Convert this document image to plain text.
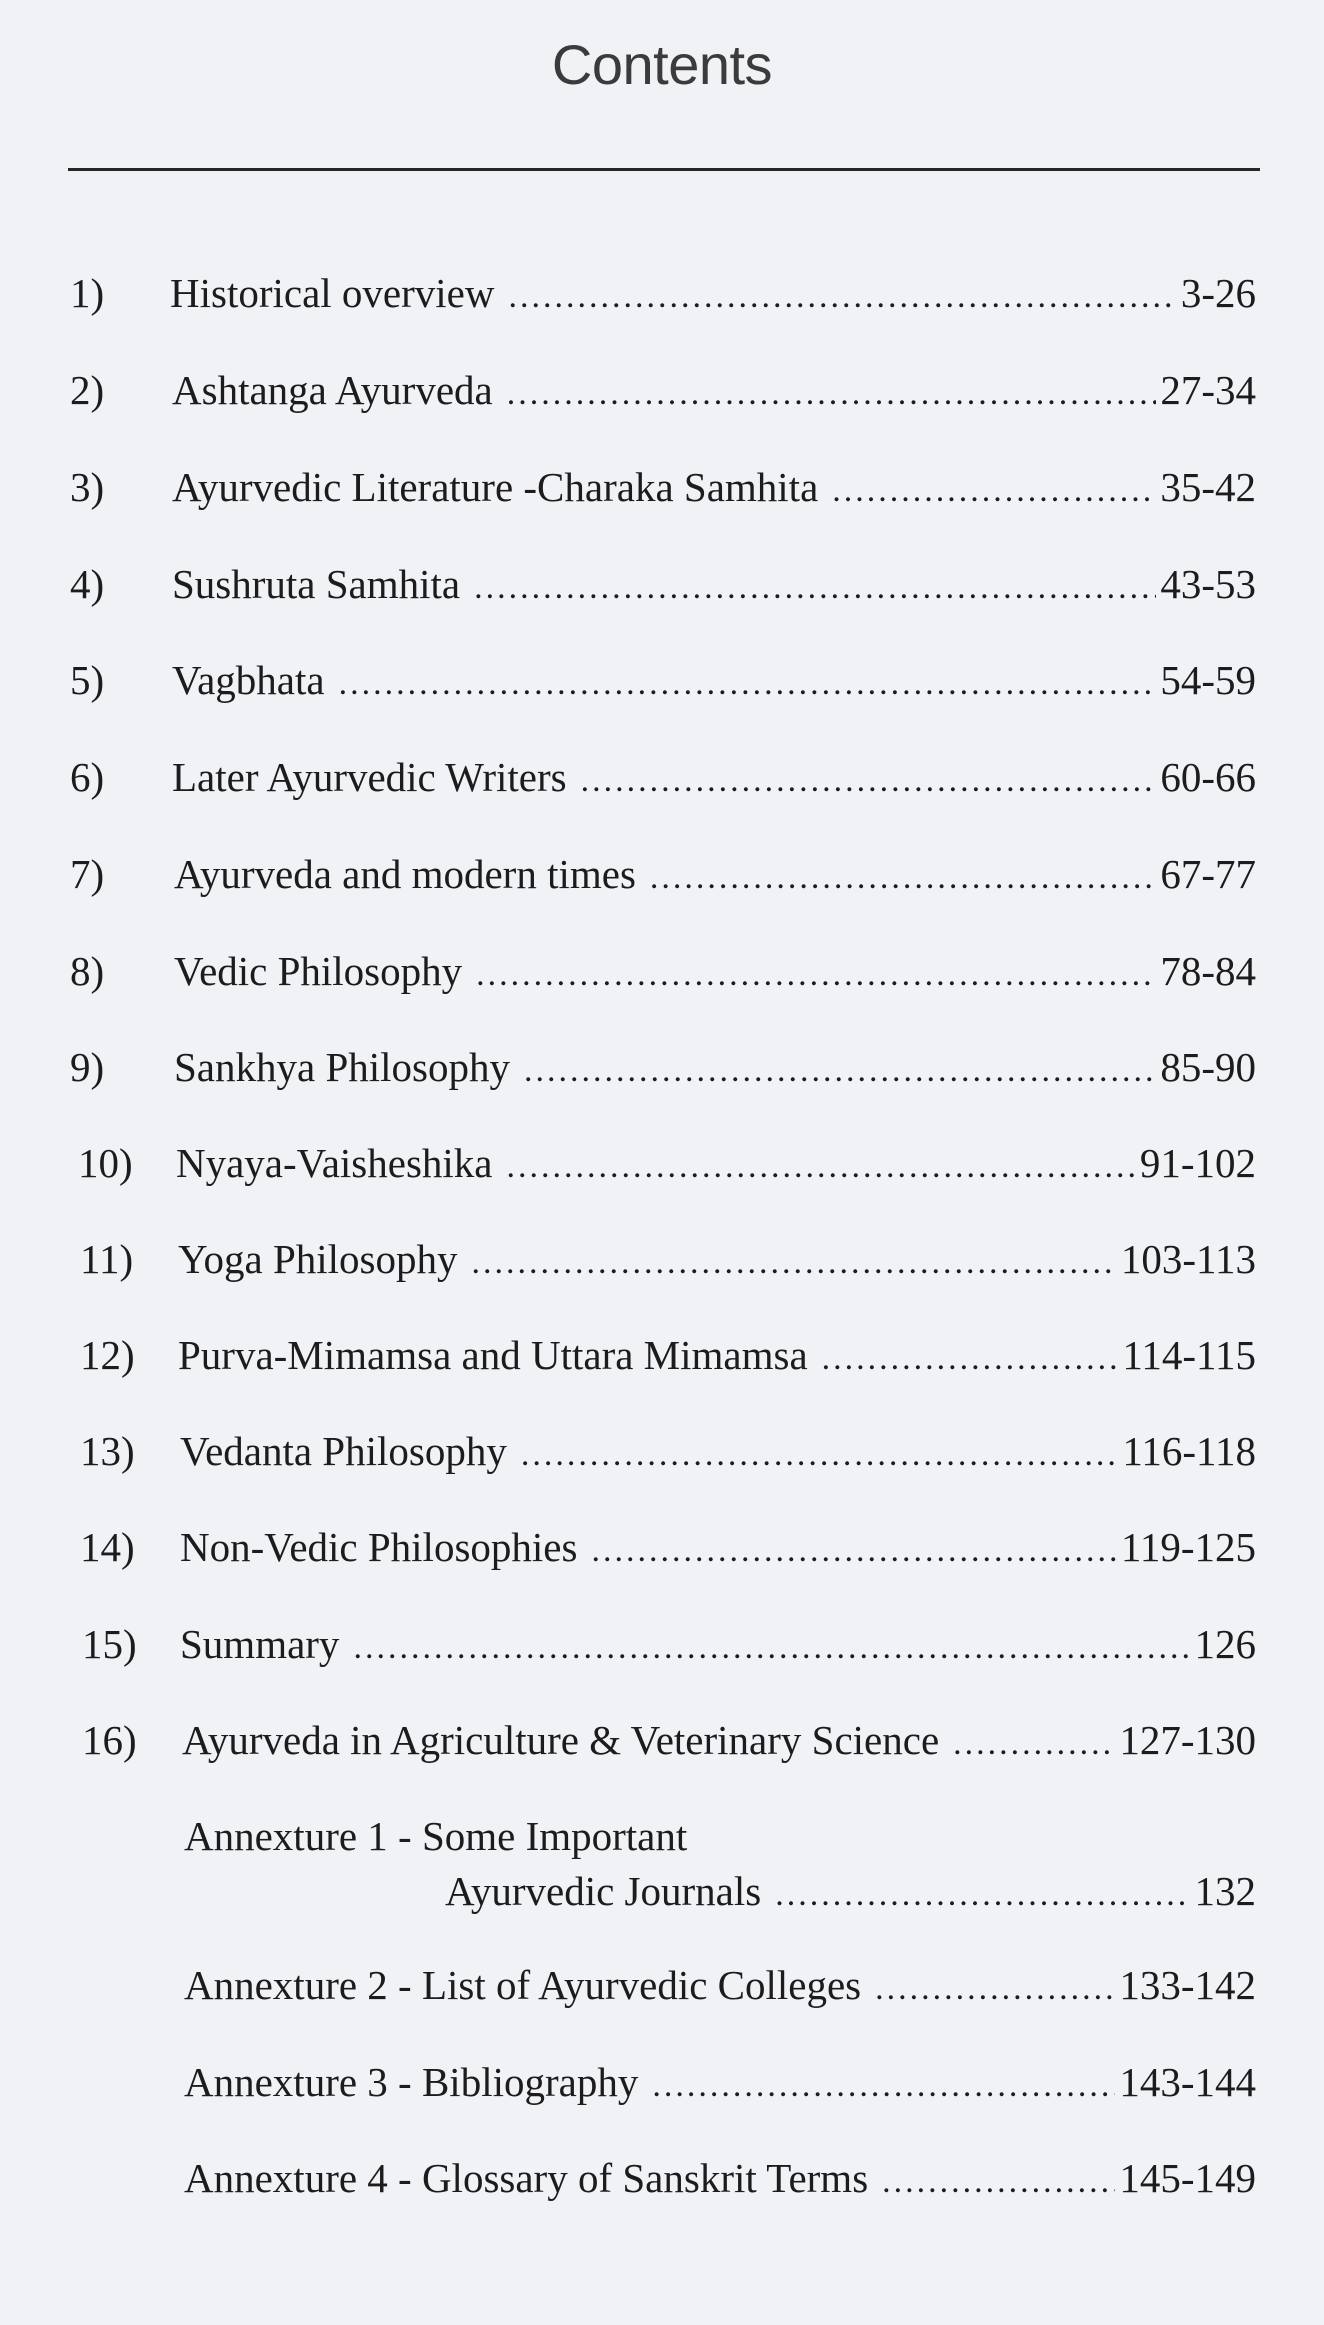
Contents
1) Historical overview .....	3-26
2) Ashtanga Ayurveda .....	27-34
3) Ayurvedic Literature -Charaka Samhita .....	35-42
4) Sushruta Samhita .....	43-53
5) Vagbhata .....	54-59
6) Later Ayurvedic Writers .....	60-66
7) Ayurveda and modern times .....	67-77
8) Vedic Philosophy .....	78-84
9) Sankhya Philosophy .....	85-90
10) Nyaya-Vaisheshika .....	91-102
11) Yoga Philosophy .....	103-113
12) Purva-Mimamsa and Uttara Mimamsa .....	114-115
13) Vedanta Philosophy .....	116-118
14) Non-Vedic Philosophies .....	119-125
15) Summary .....	126
16) Ayurveda in Agriculture & Veterinary Science .....	127-130
Annexture 1 - Some Important
Ayurvedic Journals .....	132
Annexture 2 - List of Ayurvedic Colleges .....	133-142
Annexture 3 - Bibliography .....	143-144
Annexture 4 - Glossary of Sanskrit Terms .....	145-149
